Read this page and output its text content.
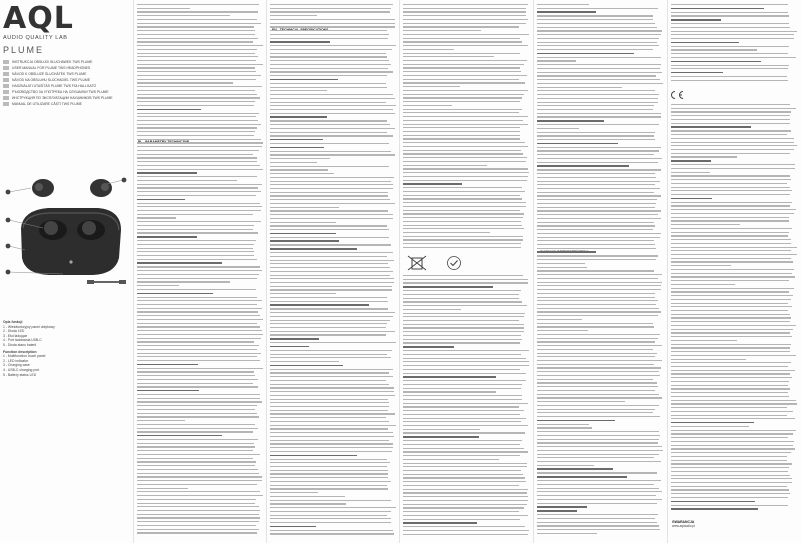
AQL
AUDIO QUALITY LAB
PLUME
INSTRUKCJA OBSŁUGI SŁUCHAWEK TWS PLUME
USER MANUAL FOR PLUME TWS HEADPHONES
NÁVOD K OBSLUZE SLUCHÁTEK TWS PLUME
NÁVOD NA OBSLUHU SLÚCHADIEL TWS PLUME
HASZNÁLATI UTASÍTÁS PLUME TWS FÜLHALLGATÓ
РЪКОВОДСТВО ЗА УПОТРЕБА НА СЛУШАЛКИ TWS PLUME
ИНСТРУКЦИЯ ПО ЭКСПЛУАТАЦИИ НАУШНИКОВ TWS PLUME
MANUAL DE UTILIZARE CĂȘTI TWS PLUME
Opis funkcji
1 - Wielofunkcyjny panel dotykowy
2 - Dioda LED
3 - Etui ładujące
4 - Port ładowania USB-C
5 - Dioda stanu baterii
Function description
1 - Multifunction touch panel
2 - LED indicator
3 - Charging case
4 - USB-C charging port
5 - Battery status LED
GWARANCJA
www.aqlaudio.pl
